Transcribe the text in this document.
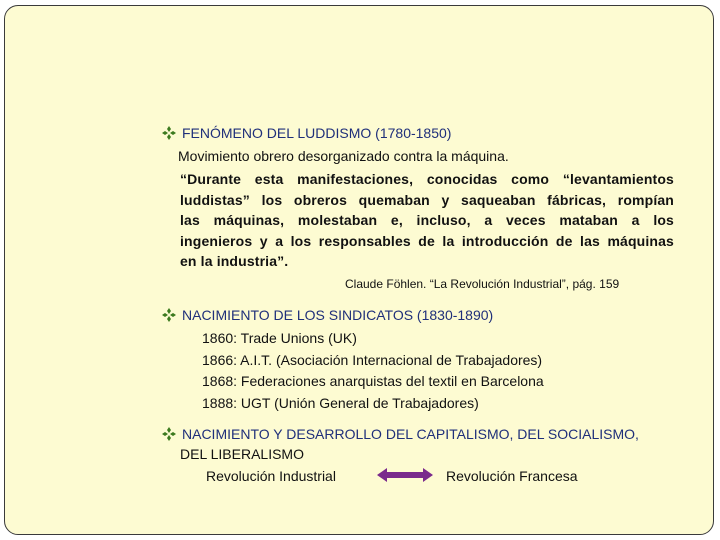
FENÓMENO DEL LUDDISMO (1780-1850)
Movimiento obrero desorganizado contra la máquina.
“Durante esta manifestaciones, conocidas como “levantamientos
luddistas” los obreros quemaban y saqueaban fábricas, rompían
las máquinas, molestaban e, incluso, a veces mataban a los
ingenieros y a los responsables de la introducción de las máquinas
en la industria”.
Claude Föhlen. “La Revolución Industrial”, pág. 159
NACIMIENTO DE LOS SINDICATOS (1830-1890)
1860: Trade Unions (UK)
1866: A.I.T. (Asociación Internacional de Trabajadores)
1868: Federaciones anarquistas del textil en Barcelona
1888: UGT (Unión General de Trabajadores)
NACIMIENTO Y DESARROLLO DEL CAPITALISMO, DEL SOCIALISMO,
DEL LIBERALISMO
Revolución Industrial	Revolución Francesa
